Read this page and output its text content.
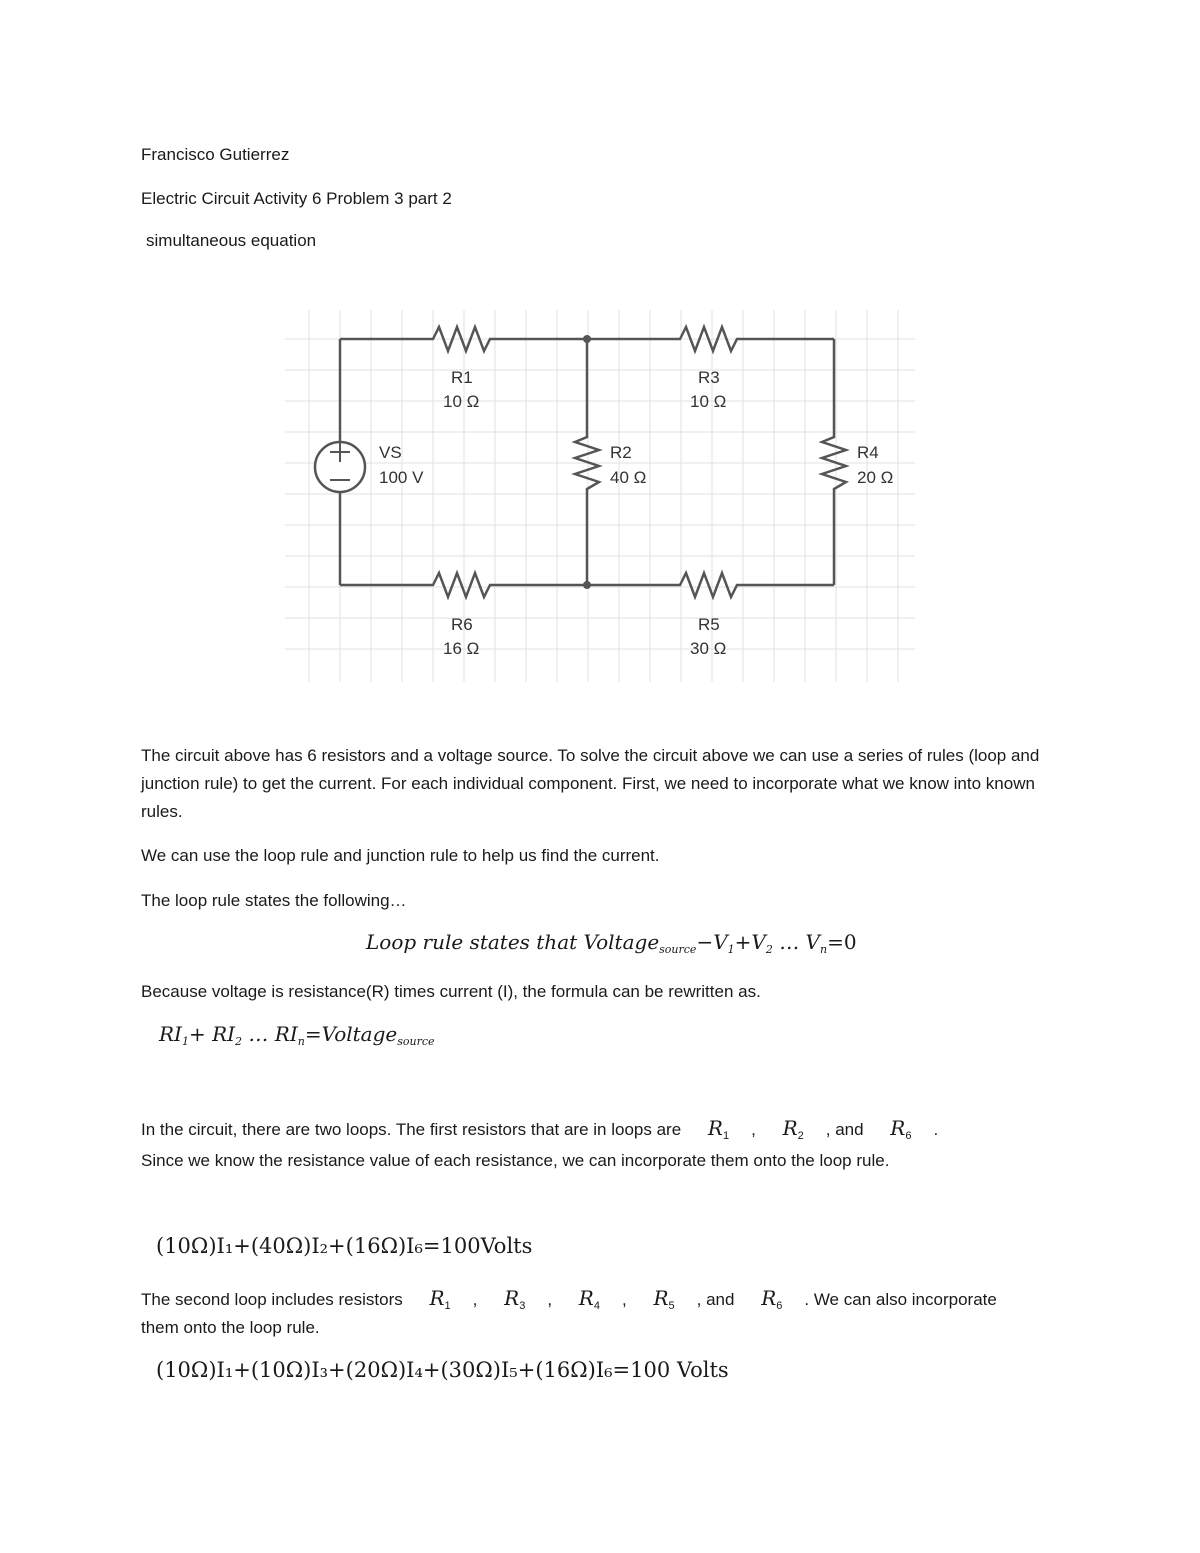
Francisco Gutierrez
Electric Circuit Activity 6 Problem 3 part 2
simultaneous equation
VS
100 V
R1
10 Ω
R3
10 Ω
R2
40 Ω
R4
20 Ω
R6
16 Ω
R5
30 Ω
The circuit above has 6 resistors and a voltage source. To solve the circuit above we can use a series of rules (loop and junction rule) to get the current. For each individual component. First, we need to incorporate what we know into known rules.
We can use the loop rule and junction rule to help us find the current.
The loop rule states the following…
Loop rule states that $Voltage_{source}-V_1+V_2$ … $V_n=0$
Because voltage is resistance(R) times current (I), the formula can be rewritten as.
$RI_1+ RI_2$ … $RI_n=Voltage_{source}$
In the circuit, there are two loops. The first resistors that are in loops are $R_1$ , $R_2$ , and $R_6$ .
Since we know the resistance value of each resistance, we can incorporate them onto the loop rule.
(10Ω)I₁+(40Ω)I₂+(16Ω)I₆=100Volts
The second loop includes resistors $R_1$ , $R_3$ , $R_4$ , $R_5$ , and $R_6$ . We can also incorporate
them onto the loop rule.
(10Ω)I₁+(10Ω)I₃+(20Ω)I₄+(30Ω)I₅+(16Ω)I₆=100 Volts
